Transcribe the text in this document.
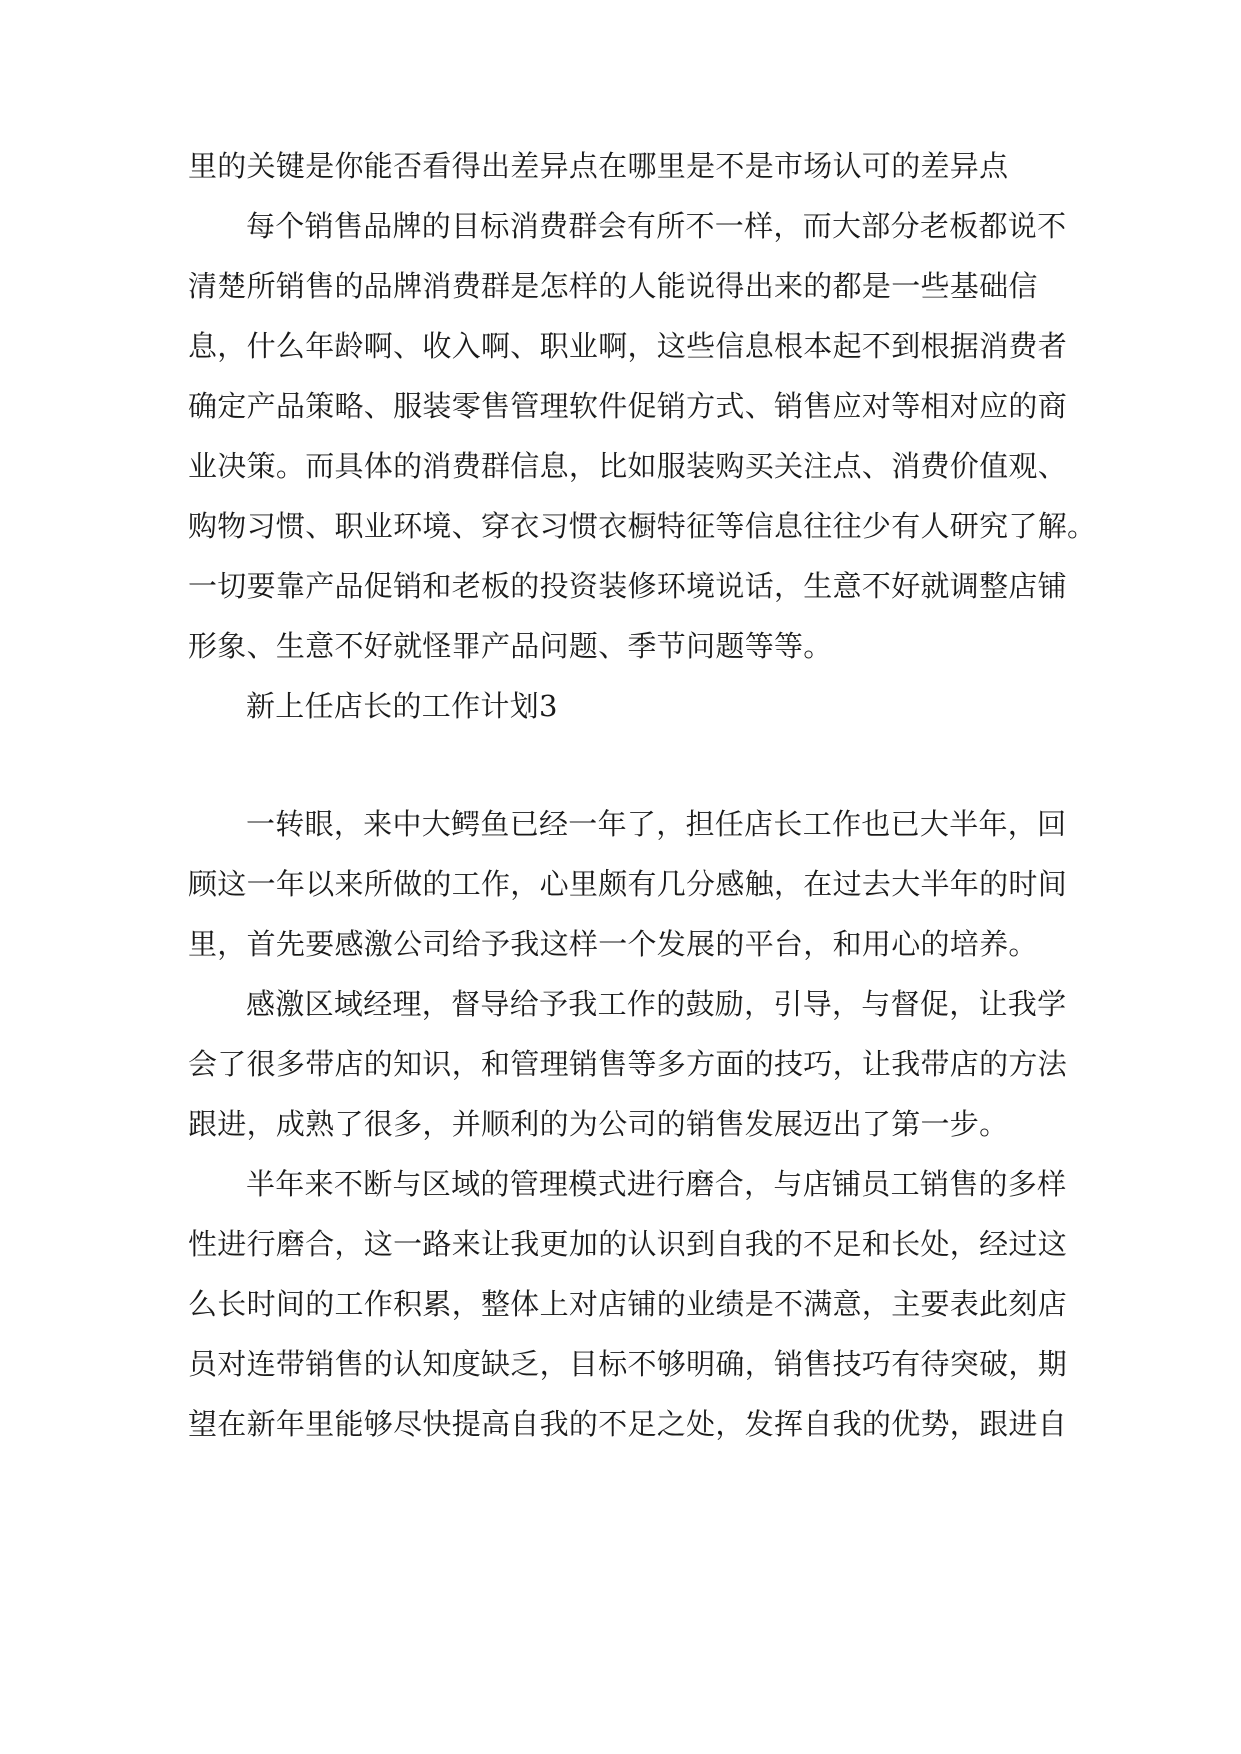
里的关键是你能否看得出差异点在哪里是不是市场认可的差异点
每个销售品牌的目标消费群会有所不一样，而大部分老板都说不
清楚所销售的品牌消费群是怎样的人能说得出来的都是一些基础信
息，什么年龄啊、收入啊、职业啊，这些信息根本起不到根据消费者
确定产品策略、服装零售管理软件促销方式、销售应对等相对应的商
业决策。而具体的消费群信息，比如服装购买关注点、消费价值观、
购物习惯、职业环境、穿衣习惯衣橱特征等信息往往少有人研究了解。
一切要靠产品促销和老板的投资装修环境说话，生意不好就调整店铺
形象、生意不好就怪罪产品问题、季节问题等等。
新上任店长的工作计划3
一转眼，来中大鳄鱼已经一年了，担任店长工作也已大半年，回
顾这一年以来所做的工作，心里颇有几分感触，在过去大半年的时间
里，首先要感激公司给予我这样一个发展的平台，和用心的培养。
感激区域经理，督导给予我工作的鼓励，引导，与督促，让我学
会了很多带店的知识，和管理销售等多方面的技巧，让我带店的方法
跟进，成熟了很多，并顺利的为公司的销售发展迈出了第一步。
半年来不断与区域的管理模式进行磨合，与店铺员工销售的多样
性进行磨合，这一路来让我更加的认识到自我的不足和长处，经过这
么长时间的工作积累，整体上对店铺的业绩是不满意，主要表此刻店
员对连带销售的认知度缺乏，目标不够明确，销售技巧有待突破，期
望在新年里能够尽快提高自我的不足之处，发挥自我的优势，跟进自
